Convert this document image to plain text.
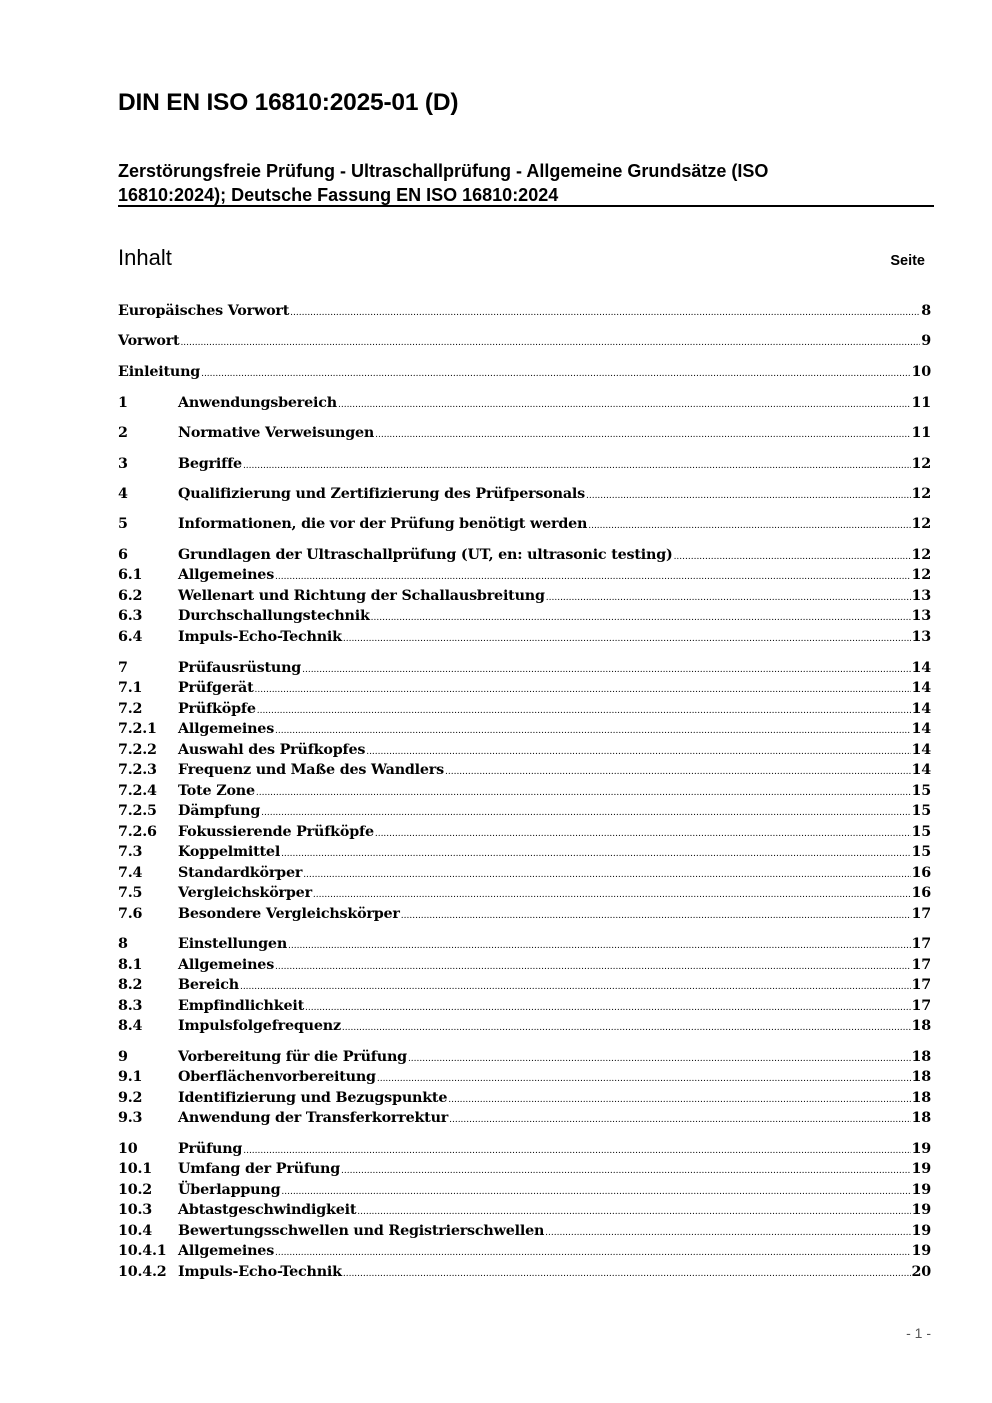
DIN EN ISO 16810:2025-01 (D)
Zerstörungsfreie Prüfung - Ultraschallprüfung - Allgemeine Grundsätze (ISO
16810:2024); Deutsche Fassung EN ISO 16810:2024
Inhalt	Seite
Europäisches Vorwort .....	8
Vorwort .....	9
Einleitung .....	10
1	Anwendungsbereich .....	11
2	Normative Verweisungen .....	11
3	Begriffe .....	12
4	Qualifizierung und Zertifizierung des Prüfpersonals .....	12
5	Informationen, die vor der Prüfung benötigt werden .....	12
6	Grundlagen der Ultraschallprüfung (UT, en: ultrasonic testing) .....	12
6.1	Allgemeines .....	12
6.2	Wellenart und Richtung der Schallausbreitung .....	13
6.3	Durchschallungstechnik .....	13
6.4	Impuls-Echo-Technik .....	13
7	Prüfausrüstung .....	14
7.1	Prüfgerät .....	14
7.2	Prüfköpfe .....	14
7.2.1	Allgemeines .....	14
7.2.2	Auswahl des Prüfkopfes .....	14
7.2.3	Frequenz und Maße des Wandlers .....	14
7.2.4	Tote Zone .....	15
7.2.5	Dämpfung .....	15
7.2.6	Fokussierende Prüfköpfe .....	15
7.3	Koppelmittel .....	15
7.4	Standardkörper .....	16
7.5	Vergleichskörper .....	16
7.6	Besondere Vergleichskörper .....	17
8	Einstellungen .....	17
8.1	Allgemeines .....	17
8.2	Bereich .....	17
8.3	Empfindlichkeit .....	17
8.4	Impulsfolgefrequenz .....	18
9	Vorbereitung für die Prüfung .....	18
9.1	Oberflächenvorbereitung .....	18
9.2	Identifizierung und Bezugspunkte .....	18
9.3	Anwendung der Transferkorrektur .....	18
10	Prüfung .....	19
10.1	Umfang der Prüfung .....	19
10.2	Überlappung .....	19
10.3	Abtastgeschwindigkeit .....	19
10.4	Bewertungsschwellen und Registrierschwellen .....	19
10.4.1 Allgemeines .....	19
10.4.2 Impuls-Echo-Technik .....	20
- 1 -
